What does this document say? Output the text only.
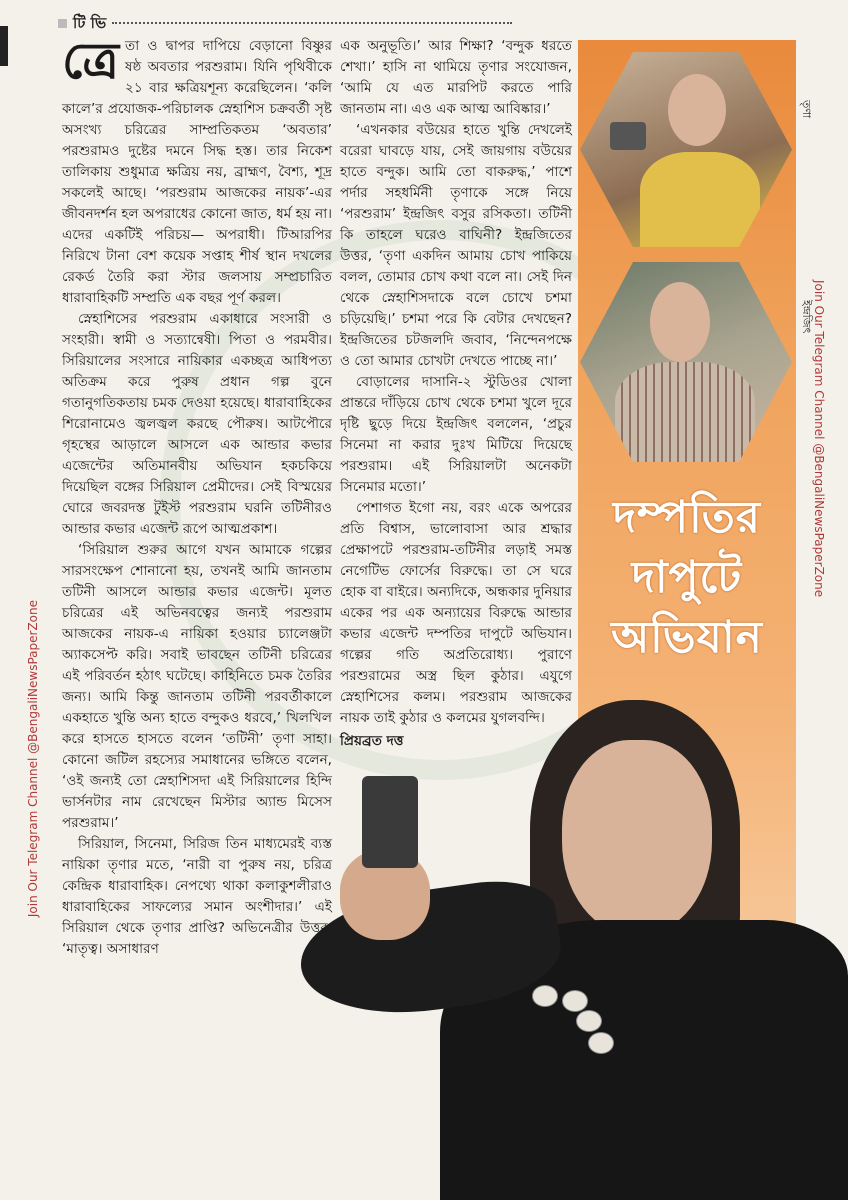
টি ভি
তৃণা
ইন্দ্রজিৎ
দম্পতির
দাপুটে
অভিযান
Join Our Telegram Channel @BengaliNewsPaperZone
Join Our Telegram Channel @BengaliNewsPaperZone
ত্রে তা ও দ্বাপর দাপিয়ে বেড়ানো বিষ্ণুর ষষ্ঠ অবতার পরশুরাম। যিনি পৃথিবীকে ২১ বার ক্ষত্রিয়শূন্য করেছিলেন। ‘কলি কালে’র প্রযোজক-পরিচালক স্নেহাশিস চক্রবর্তী সৃষ্ট অসংখ্য চরিত্রের সাম্প্রতিকতম ‘অবতার’ পরশুরামও দুষ্টের দমনে সিদ্ধ হস্ত। তার নিকেশ তালিকায় শুধুমাত্র ক্ষত্রিয় নয়, ব্রাহ্মণ, বৈশ্য, শূদ্র সকলেই আছে। ‘পরশুরাম আজকের নায়ক’-এর জীবনদর্শন হল অপরাধের কোনো জাত, ধর্ম হয় না। এদের একটিই পরিচয়— অপরাধী। টিআরপির নিরিখে টানা বেশ কয়েক সপ্তাহ শীর্ষ স্থান দখলের রেকর্ড তৈরি করা স্টার জলসায় সম্প্রচারিত ধারাবাহিকটি সম্প্রতি এক বছর পূর্ণ করল।

স্নেহাশিসের পরশুরাম একাধারে সংসারী ও সংহারী। স্বামী ও সত্যান্বেষী। পিতা ও পরমবীর। সিরিয়ালের সংসারে নায়িকার একচ্ছত্র আধিপত্য অতিক্রম করে পুরুষ প্রধান গল্প বুনে গতানুগতিকতায় চমক দেওয়া হয়েছে। ধারাবাহিকের শিরোনামেও জ্বলজ্বল করছে পৌরুষ। আটপৌরে গৃহস্থের আড়ালে আসলে এক আন্ডার কভার এজেন্টের অতিমানবীয় অভিযান হকচকিয়ে দিয়েছিল বঙ্গের সিরিয়াল প্রেমীদের। সেই বিস্ময়ের ঘোরে জবরদস্ত টুইস্ট পরশুরাম ঘরনি তটিনীরও আন্ডার কভার এজেন্ট রূপে আত্মপ্রকাশ।

‘সিরিয়াল শুরুর আগে যখন আমাকে গল্পের সারসংক্ষেপ শোনানো হয়, তখনই আমি জানতাম তটিনী আসলে আন্ডার কভার এজেন্ট। মূলত চরিত্রের এই অভিনবত্বের জন্যই পরশুরাম আজকের নায়ক-এ নায়িকা হওয়ার চ্যালেঞ্জটা অ্যাকসেপ্ট করি। সবাই ভাবছেন তটিনী চরিত্রের এই পরিবর্তন হঠাৎ ঘটেছে। কাহিনিতে চমক তৈরির জন্য। আমি কিন্তু জানতাম তটিনী পরবর্তীকালে একহাতে খুন্তি অন্য হাতে বন্দুকও ধরবে,’ খিলখিল করে হাসতে হাসতে বলেন ‘তটিনী’ তৃণা সাহা। কোনো জটিল রহস্যের সমাধানের ভঙ্গিতে বলেন, ‘ওই জন্যই তো স্নেহাশিসদা এই সিরিয়ালের হিন্দি ভার্সনটার নাম রেখেছেন মিস্টার অ্যান্ড মিসেস পরশুরাম।’

সিরিয়াল, সিনেমা, সিরিজ তিন মাধ্যমেরই ব্যস্ত নায়িকা তৃণার মতে, ‘নারী বা পুরুষ নয়, চরিত্র কেন্দ্রিক ধারাবাহিক। নেপথ্যে থাকা কলাকুশলীরাও ধারাবাহিকের সাফল্যের সমান অংশীদার।’ এই সিরিয়াল থেকে তৃণার প্রাপ্তি? অভিনেত্রীর উত্তর, ‘মাতৃত্ব। অসাধারণ

এক অনুভূতি।’ আর শিক্ষা? ‘বন্দুক ধরতে শেখা।’ হাসি না থামিয়ে তৃণার সংযোজন, ‘আমি যে এত মারপিট করতে পারি জানতাম না। এও এক আত্ম আবিষ্কার।’

‘এখনকার বউয়ের হাতে খুন্তি দেখলেই বরেরা ঘাবড়ে যায়, সেই জায়গায় বউয়ের হাতে বন্দুক। আমি তো বাকরুদ্ধ,’ পাশে পর্দার সহধর্মিনী তৃণাকে সঙ্গে নিয়ে ‘পরশুরাম’ ইন্দ্রজিৎ বসুর রসিকতা। তটিনী কি তাহলে ঘরেও বাঘিনী? ইন্দ্রজিতের উত্তর, ‘তৃণা একদিন আমায় চোখ পাকিয়ে বলল, তোমার চোখ কথা বলে না। সেই দিন থেকে স্নেহাশিসদাকে বলে চোখে চশমা চড়িয়েছি।’ চশমা পরে কি বেটার দেখছেন? ইন্দ্রজিতের চটজলদি জবাব, ‘নিন্দেনপক্ষে ও তো আমার চোখটা দেখতে পাচ্ছে না।’

বোড়ালের দাসানি-২ স্টুডিওর খোলা প্রান্তরে দাঁড়িয়ে চোখ থেকে চশমা খুলে দূরে দৃষ্টি ছুড়ে দিয়ে ইন্দ্রজিৎ বললেন, ‘প্রচুর সিনেমা না করার দুঃখ মিটিয়ে দিয়েছে পরশুরাম। এই সিরিয়ালটা অনেকটা সিনেমার মতো।’

পেশাগত ইগো নয়, বরং একে অপরের প্রতি বিশ্বাস, ভালোবাসা আর শ্রদ্ধার প্রেক্ষাপটে পরশুরাম-তটিনীর লড়াই সমস্ত নেগেটিভ ফোর্সের বিরুদ্ধে। তা সে ঘরে হোক বা বাইরে। অন্যদিকে, অন্ধকার দুনিয়ার একের পর এক অন্যায়ের বিরুদ্ধে আন্ডার কভার এজেন্ট দম্পতির দাপুটে অভিযান। গল্পের গতি অপ্রতিরোধ্য। পুরাণে পরশুরামের অস্ত্র ছিল কুঠার। এযুগে স্নেহাশিসের কলম। পরশুরাম আজকের নায়ক তাই কুঠার ও কলমের যুগলবন্দি।

প্রিয়ব্রত দত্ত
